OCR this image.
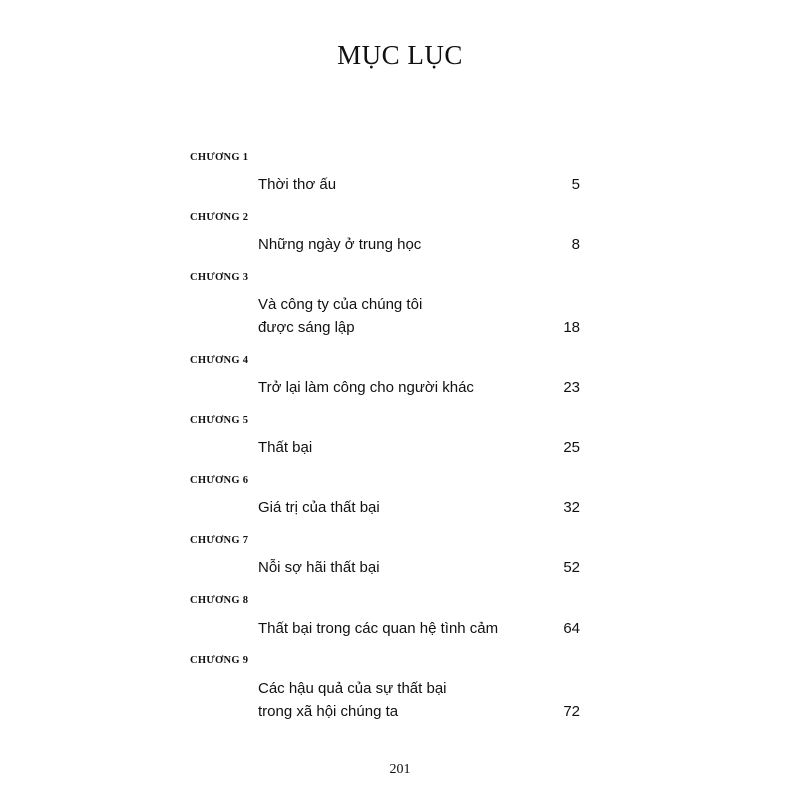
MỤC LỤC
CHƯƠNG 1
Thời thơ ấu	5
CHƯƠNG 2
Những ngày ở trung học	8
CHƯƠNG 3
Và công ty của chúng tôi
được sáng lập	18
CHƯƠNG 4
Trở lại làm công cho người khác	23
CHƯƠNG 5
Thất bại	25
CHƯƠNG 6
Giá trị của thất bại	32
CHƯƠNG 7
Nỗi sợ hãi thất bại	52
CHƯƠNG 8
Thất bại trong các quan hệ tình cảm	64
CHƯƠNG 9
Các hậu quả của sự thất bại
trong xã hội chúng ta	72
201
